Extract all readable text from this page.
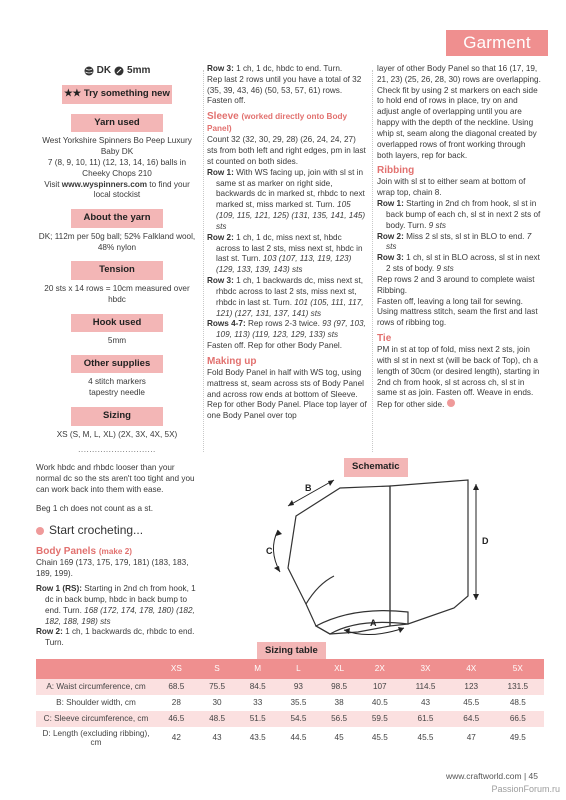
Garment
DK 5mm
★★ Try something new
Yarn used
West Yorkshire Spinners Bo Peep Luxury Baby DK
7 (8, 9, 10, 11) (12, 13, 14, 16) balls in Cheeky Chops 210
Visit www.wyspinners.com to find your local stockist
About the yarn
DK; 112m per 50g ball; 52% Falkland wool, 48% nylon
Tension
20 sts x 14 rows = 10cm measured over hbdc
Hook used
5mm
Other supplies
4 stitch markers
tapestry needle
Sizing
XS (S, M, L, XL) (2X, 3X, 4X, 5X)
............................
Work hbdc and rhbdc looser than your normal dc so the sts aren't too tight and you can work back into them with ease.
Beg 1 ch does not count as a st.
Start crocheting...
Body Panels (make 2)
Chain 169 (173, 175, 179, 181) (183, 183, 189, 199).
Row 1 (RS): Starting in 2nd ch from hook, 1 dc in back bump, hbdc in back bump to end. Turn. 168 (172, 174, 178, 180) (182, 182, 188, 198) sts
Row 2: 1 ch, 1 backwards dc, rhbdc to end. Turn.
Row 3: 1 ch, 1 dc, hbdc to end. Turn.
Rep last 2 rows until you have a total of 32 (35, 39, 43, 46) (50, 53, 57, 61) rows.
Fasten off.
Sleeve (worked directly onto Body Panel)
Count 32 (32, 30, 29, 28) (26, 24, 24, 27) sts from both left and right edges, pm in last st counted on both sides.
Row 1: With WS facing up, join with sl st in same st as marker on right side, backwards dc in marked st, rhbdc to next marked st, miss marked st. Turn. 105 (109, 115, 121, 125) (131, 135, 141, 145) sts
Row 2: 1 ch, 1 dc, miss next st, hbdc across to last 2 sts, miss next st, hbdc in last st. Turn. 103 (107, 113, 119, 123) (129, 133, 139, 143) sts
Row 3: 1 ch, 1 backwards dc, miss next st, rhbdc across to last 2 sts, miss next st, rhbdc in last st. Turn. 101 (105, 111, 117, 121) (127, 131, 137, 141) sts
Rows 4-7: Rep rows 2-3 twice. 93 (97, 103, 109, 113) (119, 123, 129, 133) sts
Fasten off. Rep for other Body Panel.
Making up
Fold Body Panel in half with WS tog, using mattress st, seam across sts of Body Panel and across row ends at bottom of Sleeve. Rep for other Body Panel. Place top layer of one Body Panel over top
layer of other Body Panel so that 16 (17, 19, 21, 23) (25, 26, 28, 30) rows are overlapping. Check fit by using 2 st markers on each side to hold end of rows in place, try on and adjust angle of overlapping until you are happy with the depth of the neckline. Using whip st, seam along the diagonal created by overlapped rows of front working through both layers, rep for back.
Ribbing
Join with sl st to either seam at bottom of wrap top, chain 8.
Row 1: Starting in 2nd ch from hook, sl st in back bump of each ch, sl st in next 2 sts of body. Turn. 9 sts
Row 2: Miss 2 sl sts, sl st in BLO to end. 7 sts
Row 3: 1 ch, sl st in BLO across, sl st in next 2 sts of body. 9 sts
Rep rows 2 and 3 around to complete waist Ribbing.
Fasten off, leaving a long tail for sewing. Using mattress stitch, seam the first and last rows of ribbing tog.
Tie
PM in st at top of fold, miss next 2 sts, join with sl st in next st (will be back of Top), ch a length of 30cm (or desired length), starting in 2nd ch from hook, sl st across ch, sl st in same st as join. Fasten off. Weave in ends. Rep for other side.
Schematic
B
C
D
A
Sizing table
	XS	S	M	L	XL	2X	3X	4X	5X
A: Waist circumference, cm	68.5	75.5	84.5	93	98.5	107	114.5	123	131.5
B: Shoulder width, cm	28	30	33	35.5	38	40.5	43	45.5	48.5
C: Sleeve circumference, cm	46.5	48.5	51.5	54.5	56.5	59.5	61.5	64.5	66.5
D: Length (excluding ribbing), cm	42	43	43.5	44.5	45	45.5	45.5	47	49.5
www.craftworld.com | 45
PassionForum.ru
